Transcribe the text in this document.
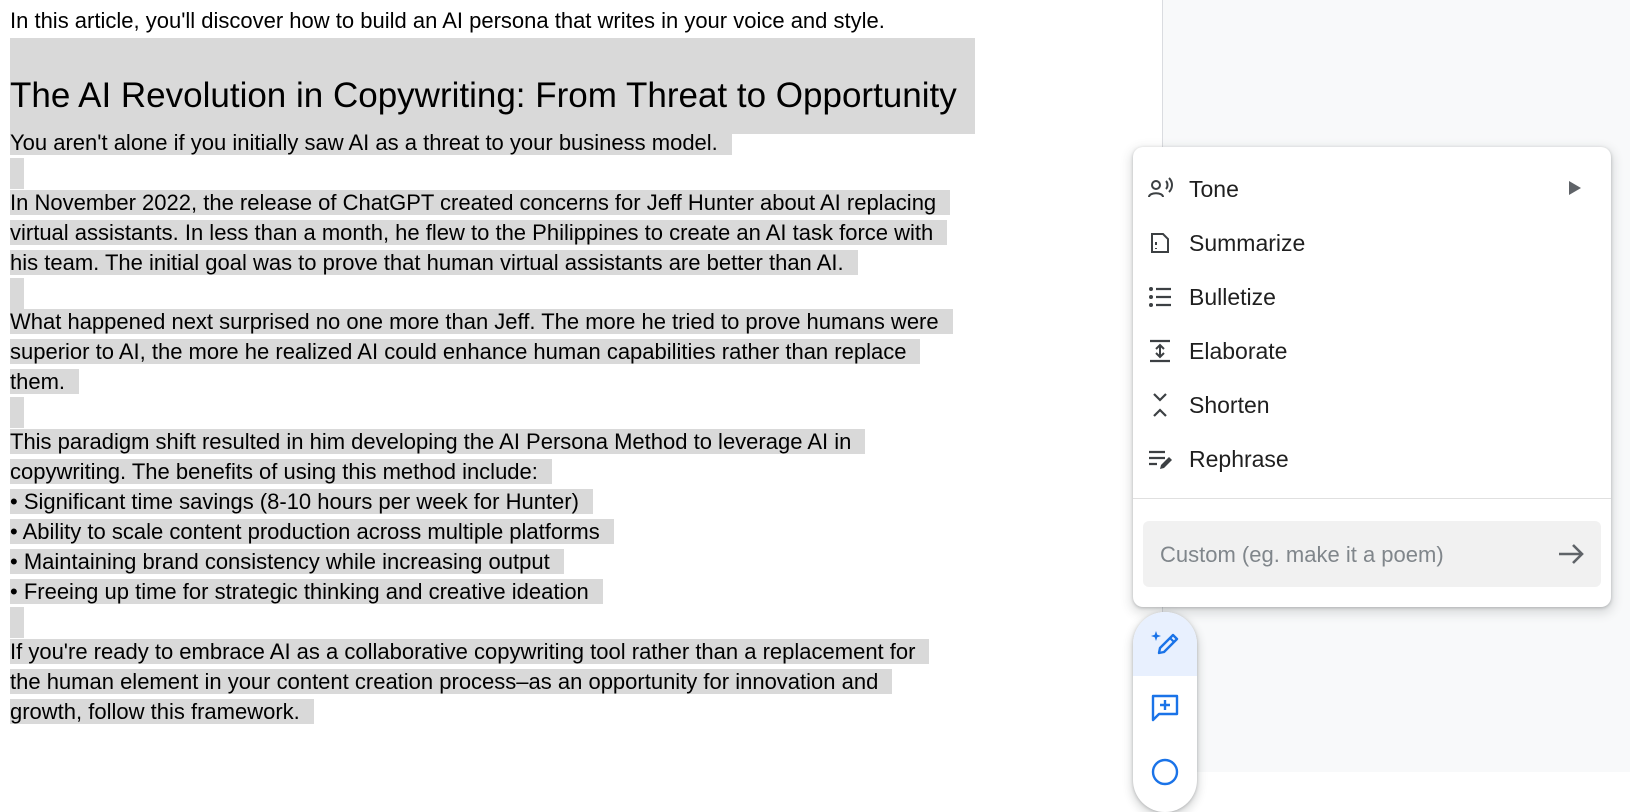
In this article, you'll discover how to build an AI persona that writes in your voice and style.
The AI Revolution in Copywriting: From Threat to Opportunity
You aren't alone if you initially saw AI as a threat to your business model.
In November 2022, the release of ChatGPT created concerns for Jeff Hunter about AI replacing
virtual assistants. In less than a month, he flew to the Philippines to create an AI task force with
his team. The initial goal was to prove that human virtual assistants are better than AI.
What happened next surprised no one more than Jeff. The more he tried to prove humans were
superior to AI, the more he realized AI could enhance human capabilities rather than replace
them.
This paradigm shift resulted in him developing the AI Persona Method to leverage AI in
copywriting. The benefits of using this method include:
• Significant time savings (8-10 hours per week for Hunter)
• Ability to scale content production across multiple platforms
• Maintaining brand consistency while increasing output
• Freeing up time for strategic thinking and creative ideation
If you're ready to embrace AI as a collaborative copywriting tool rather than a replacement for
the human element in your content creation process–as an opportunity for innovation and
growth, follow this framework.
Tone
Summarize
Bulletize
Elaborate
Shorten
Rephrase
Custom (eg. make it a poem)
